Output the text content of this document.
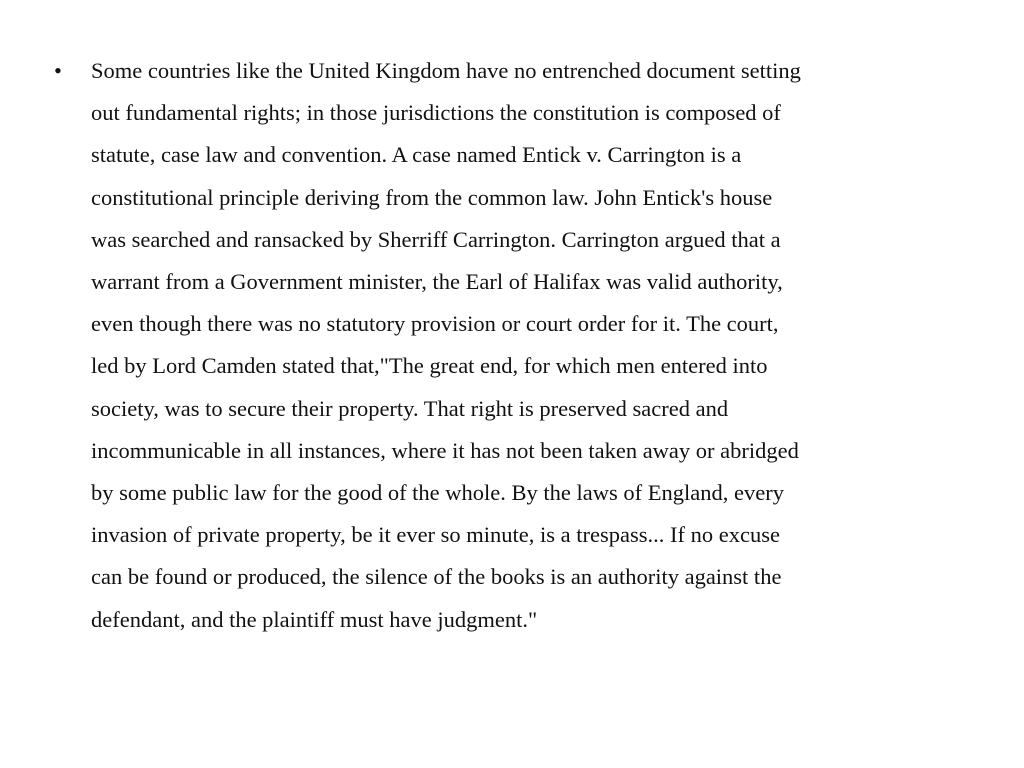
•	Some countries like the United Kingdom have no entrenched document setting
out fundamental rights; in those jurisdictions the constitution is composed of
statute, case law and convention. A case named Entick v. Carrington is a
constitutional principle deriving from the common law. John Entick's house
was searched and ransacked by Sherriff Carrington. Carrington argued that a
warrant from a Government minister, the Earl of Halifax was valid authority,
even though there was no statutory provision or court order for it. The court,
led by Lord Camden stated that,"The great end, for which men entered into
society, was to secure their property. That right is preserved sacred and
incommunicable in all instances, where it has not been taken away or abridged
by some public law for the good of the whole. By the laws of England, every
invasion of private property, be it ever so minute, is a trespass... If no excuse
can be found or produced, the silence of the books is an authority against the
defendant, and the plaintiff must have judgment."
